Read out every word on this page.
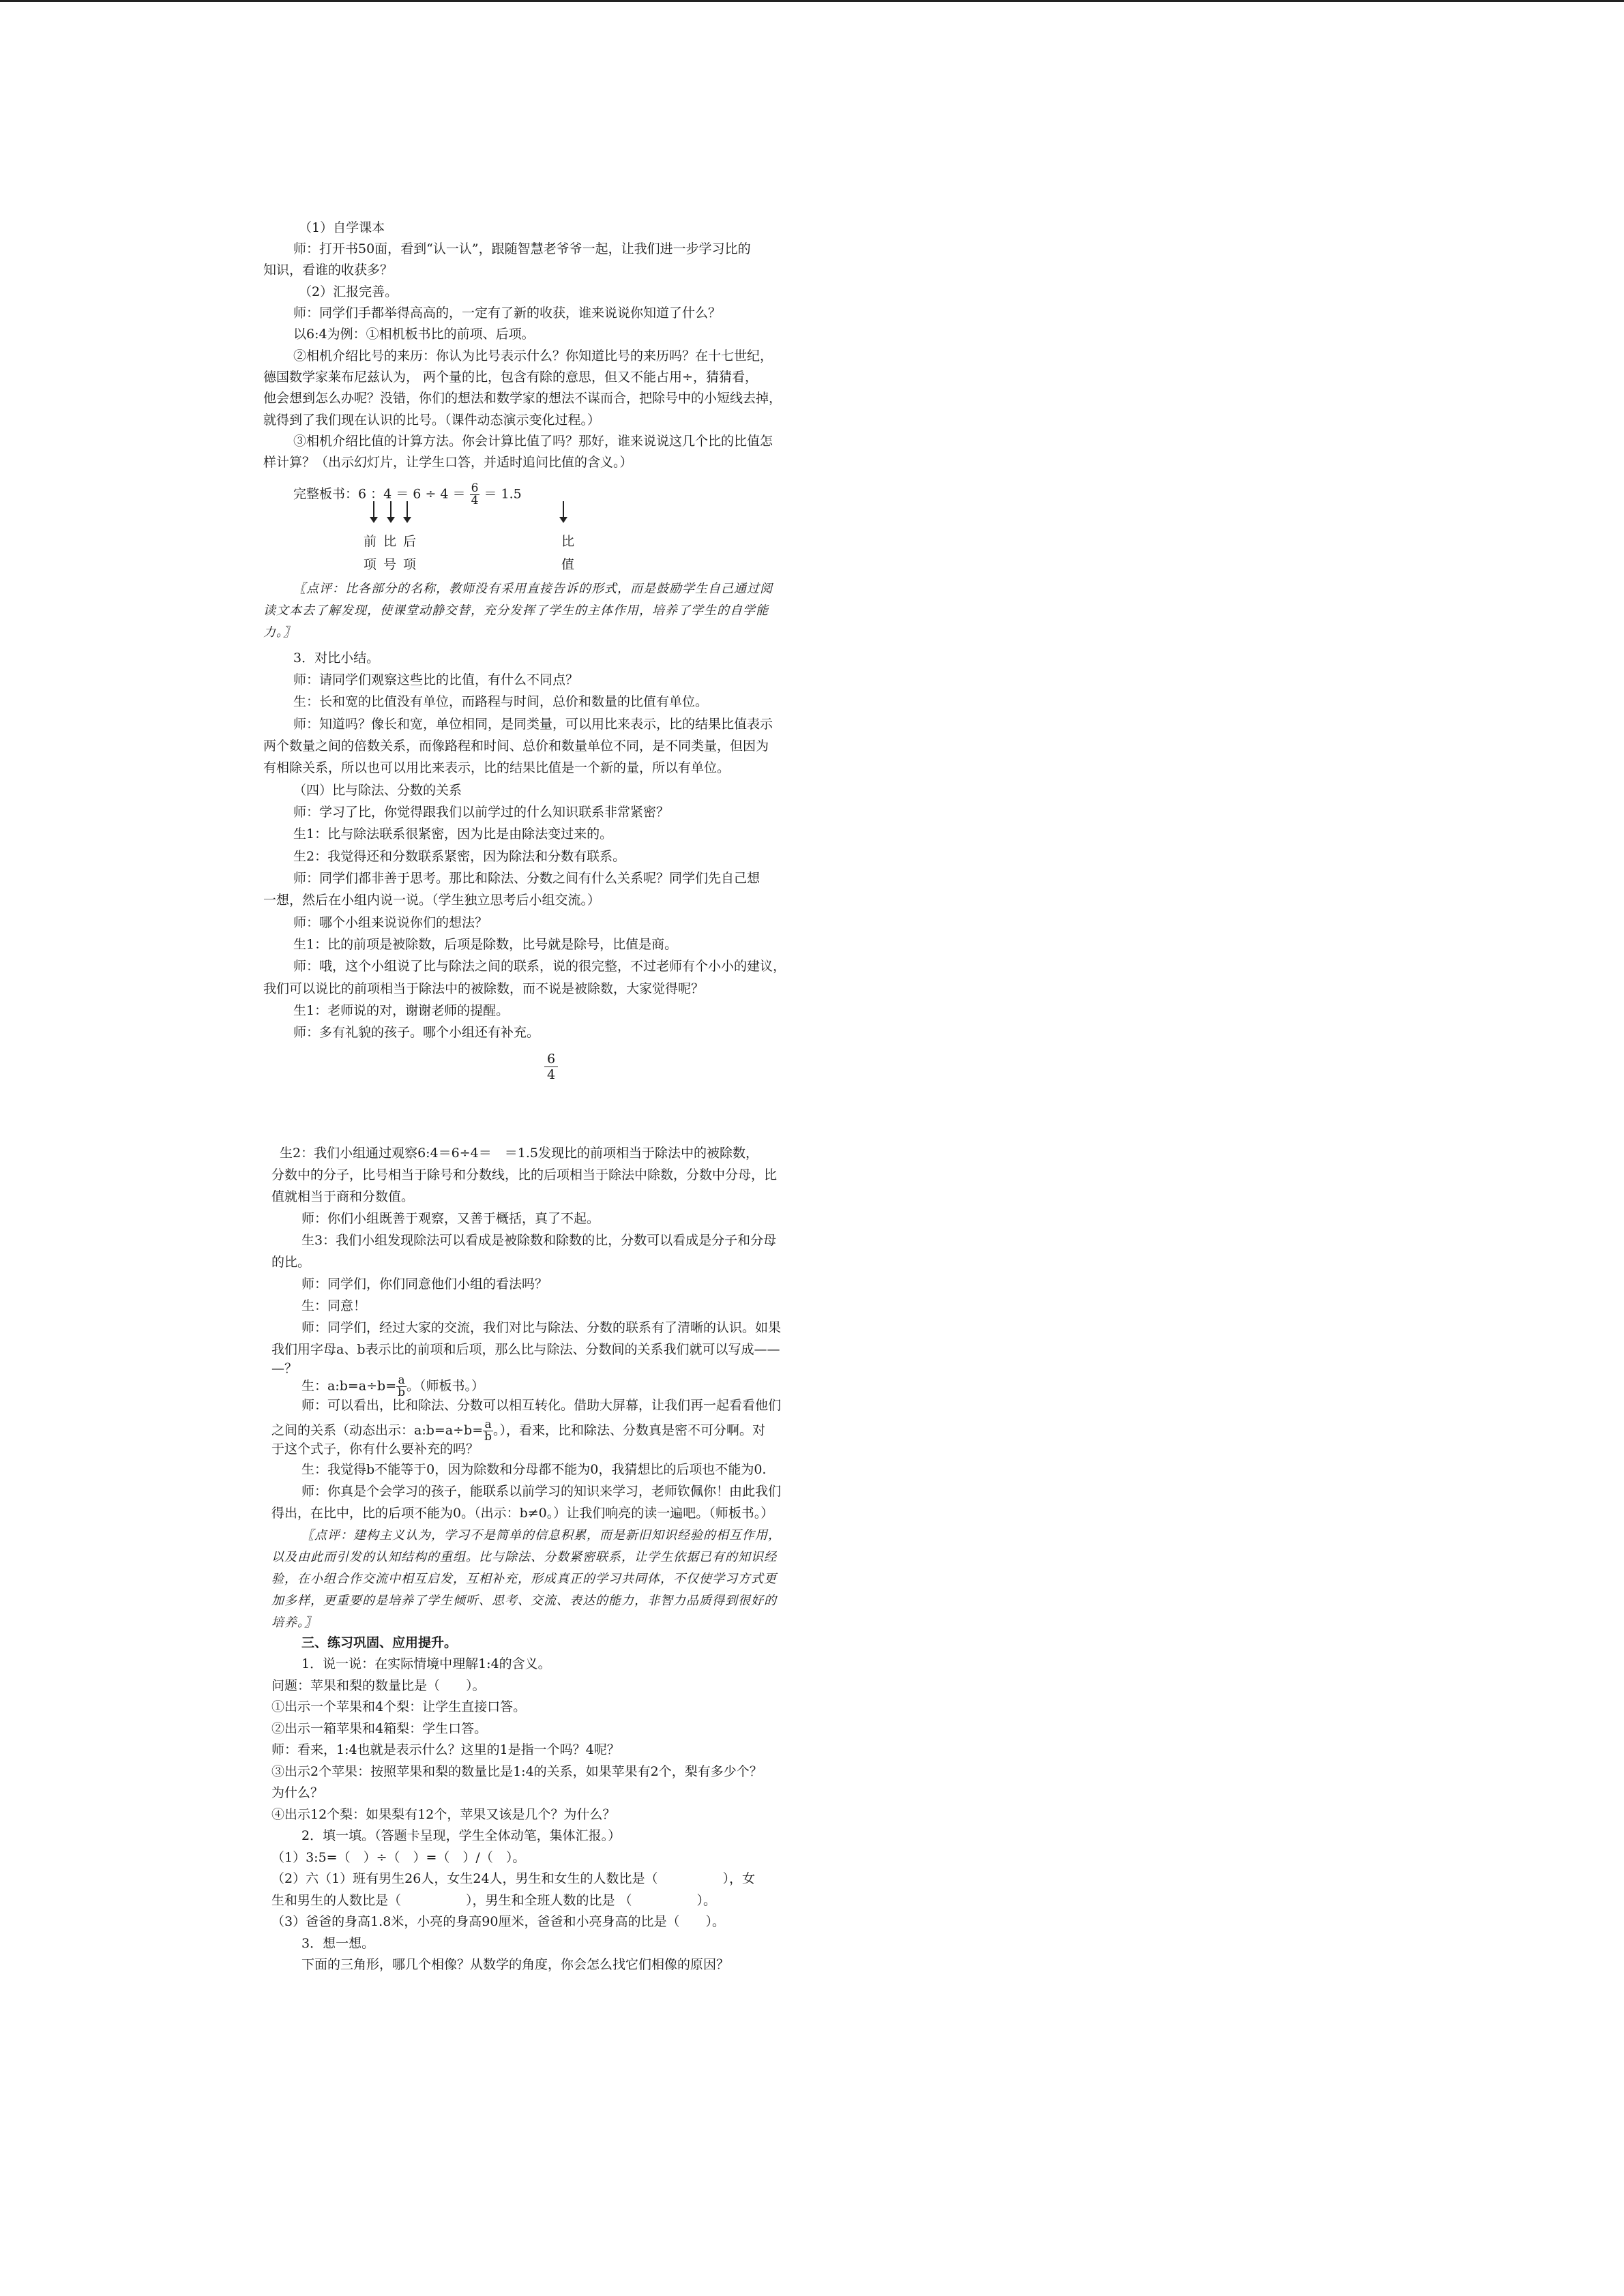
（1）自学课本
师：打开书50面，看到“认一认”，跟随智慧老爷爷一起，让我们进一步学习比的
知识，看谁的收获多？
（2）汇报完善。
师：同学们手都举得高高的，一定有了新的收获，谁来说说你知道了什么？
以6:4为例：①相机板书比的前项、后项。
②相机介绍比号的来历：你认为比号表示什么？你知道比号的来历吗？在十七世纪，
德国数学家莱布尼兹认为， 两个量的比，包含有除的意思，但又不能占用÷，猜猜看，
他会想到怎么办呢？没错，你们的想法和数学家的想法不谋而合，把除号中的小短线去掉，
就得到了我们现在认识的比号。（课件动态演示变化过程。）
③相机介绍比值的计算方法。你会计算比值了吗？那好，谁来说说这几个比的比值怎
样计算？（出示幻灯片，让学生口答，并适时追问比值的含义。）
完整板书：6 ：$4 = 6 \div 4 = \frac{6}{4} = 1.5$
前 比 后	比
项 号 项	值
〖点评：比各部分的名称，教师没有采用直接告诉的形式，而是鼓励学生自己通过阅
读文本去了解发现，使课堂动静交替，充分发挥了学生的主体作用，培养了学生的自学能
力。〗
3．对比小结。
师：请同学们观察这些比的比值，有什么不同点？
生：长和宽的比值没有单位，而路程与时间，总价和数量的比值有单位。
师：知道吗？像长和宽，单位相同，是同类量，可以用比来表示，比的结果比值表示
两个数量之间的倍数关系，而像路程和时间、总价和数量单位不同，是不同类量，但因为
有相除关系，所以也可以用比来表示，比的结果比值是一个新的量，所以有单位。
（四）比与除法、分数的关系
师：学习了比，你觉得跟我们以前学过的什么知识联系非常紧密？
生1：比与除法联系很紧密，因为比是由除法变过来的。
生2：我觉得还和分数联系紧密，因为除法和分数有联系。
师：同学们都非善于思考。那比和除法、分数之间有什么关系呢？同学们先自己想
一想，然后在小组内说一说。（学生独立思考后小组交流。）
师：哪个小组来说说你们的想法？
生1：比的前项是被除数，后项是除数，比号就是除号，比值是商。
师：哦，这个小组说了比与除法之间的联系，说的很完整，不过老师有个小小的建议，
我们可以说比的前项相当于除法中的被除数，而不说是被除数，大家觉得呢？
生1：老师说的对，谢谢老师的提醒。
师：多有礼貌的孩子。哪个小组还有补充。
6
4
生2：我们小组通过观察6:4＝6÷4＝　＝1.5发现比的前项相当于除法中的被除数，
分数中的分子，比号相当于除号和分数线，比的后项相当于除法中除数，分数中分母，比
值就相当于商和分数值。
师：你们小组既善于观察，又善于概括，真了不起。
生3：我们小组发现除法可以看成是被除数和除数的比，分数可以看成是分子和分母
的比。
师：同学们，你们同意他们小组的看法吗？
生：同意！
师：同学们，经过大家的交流，我们对比与除法、分数的联系有了清晰的认识。如果
我们用字母a、b表示比的前项和后项，那么比与除法、分数间的关系我们就可以写成——
—？
生：a:b=a÷b= $\frac{a}{b}$ 。（师板书。）
师：可以看出，比和除法、分数可以相互转化。借助大屏幕，让我们再一起看看他们
之间的关系（动态出示：a:b=a÷b= $\frac{a}{b}$ 。），看来，比和除法、分数真是密不可分啊。对
于这个式子，你有什么要补充的吗？
生：我觉得b不能等于0，因为除数和分母都不能为0，我猜想比的后项也不能为0.
师：你真是个会学习的孩子，能联系以前学习的知识来学习，老师钦佩你！由此我们
得出，在比中，比的后项不能为0。（出示：b≠0。）让我们响亮的读一遍吧。（师板书。）
〖点评：建构主义认为，学习不是简单的信息积累，而是新旧知识经验的相互作用，
以及由此而引发的认知结构的重组。比与除法、分数紧密联系，让学生依据已有的知识经
验，在小组合作交流中相互启发，互相补充，形成真正的学习共同体，不仅使学习方式更
加多样，更重要的是培养了学生倾听、思考、交流、表达的能力，非智力品质得到很好的
培养。〗
三、练习巩固、应用提升。
1．说一说：在实际情境中理解1:4的含义。
问题：苹果和梨的数量比是（　　）。
①出示一个苹果和4个梨：让学生直接口答。
②出示一箱苹果和4箱梨：学生口答。
师：看来，1:4也就是表示什么？这里的1是指一个吗？4呢？
③出示2个苹果：按照苹果和梨的数量比是1:4的关系，如果苹果有2个，梨有多少个？
为什么？
④出示12个梨：如果梨有12个，苹果又该是几个？为什么？
2．填一填。（答题卡呈现，学生全体动笔，集体汇报。）
（1）3:5=（　）÷（　）=（　）/（　）。
（2）六（1）班有男生26人，女生24人，男生和女生的人数比是（　　　　　），女
生和男生的人数比是（　　　　　），男生和全班人数的比是 （　　　　　）。
（3）爸爸的身高1.8米，小亮的身高90厘米，爸爸和小亮身高的比是（　　）。
3．想一想。
下面的三角形，哪几个相像？从数学的角度，你会怎么找它们相像的原因？
